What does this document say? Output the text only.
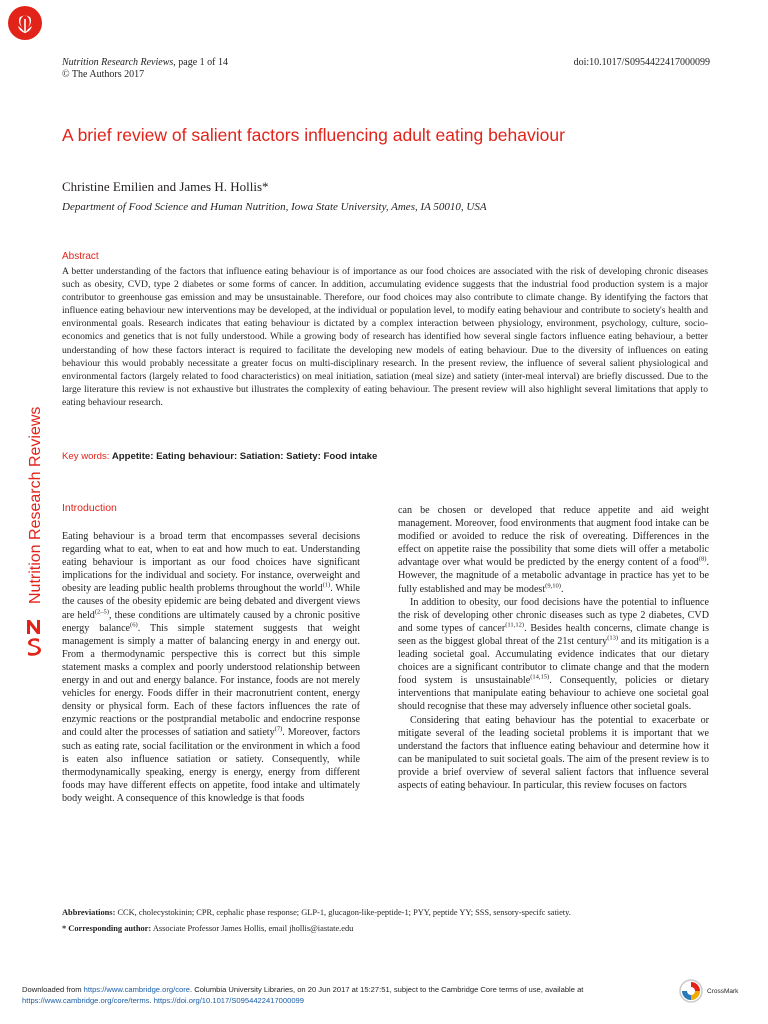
Nutrition Research Reviews, page 1 of 14
© The Authors 2017
doi:10.1017/S0954422417000099
A brief review of salient factors influencing adult eating behaviour
Christine Emilien and James H. Hollis*
Department of Food Science and Human Nutrition, Iowa State University, Ames, IA 50010, USA
Abstract
A better understanding of the factors that influence eating behaviour is of importance as our food choices are associated with the risk of developing chronic diseases such as obesity, CVD, type 2 diabetes or some forms of cancer. In addition, accumulating evidence suggests that the industrial food production system is a major contributor to greenhouse gas emission and may be unsustainable. Therefore, our food choices may also contribute to climate change. By identifying the factors that influence eating behaviour new interventions may be developed, at the individual or population level, to modify eating behaviour and contribute to society's health and environmental goals. Research indicates that eating behaviour is dictated by a complex interaction between physiology, environment, psychology, culture, socio-economics and genetics that is not fully understood. While a growing body of research has identified how several single factors influence eating behaviour, a better understanding of how these factors interact is required to facilitate the developing new models of eating behaviour. Due to the diversity of influences on eating behaviour this would probably necessitate a greater focus on multi-disciplinary research. In the present review, the influence of several salient physiological and environmental factors (largely related to food characteristics) on meal initiation, satiation (meal size) and satiety (inter-meal interval) are briefly discussed. Due to the large literature this review is not exhaustive but illustrates the complexity of eating behaviour. The present review will also highlight several limitations that apply to eating behaviour research.
Key words: Appetite: Eating behaviour: Satiation: Satiety: Food intake
Introduction

Eating behaviour is a broad term that encompasses several decisions regarding what to eat, when to eat and how much to eat. Understanding eating behaviour is important as our food choices have significant implications for the individual and society. For instance, overweight and obesity are leading public health problems throughout the world$^{(1)}$. While the causes of the obesity epidemic are being debated and divergent views are held$^{(2-5)}$, these conditions are ultimately caused by a chronic positive energy balance$^{(6)}$. This simple statement suggests that weight management is simply a matter of balancing energy in and energy out. From a thermodynamic perspective this is correct but this simple statement masks a complex and poorly understood relationship between energy in and out and energy balance. For instance, foods are not merely vehicles for energy. Foods differ in their macronutrient content, energy density or physical form. Each of these factors influences the rate of enzymic reactions or the postprandial metabolic and endocrine response and could alter the processes of satiation and satiety$^{(7)}$. Moreover, factors such as eating rate, social facilitation or the environment in which a food is eaten also influence satiation or satiety. Consequently, while thermodynamically speaking, energy is energy, energy from different foods may have different effects on appetite, food intake and ultimately body weight. A consequence of this knowledge is that foods

can be chosen or developed that reduce appetite and aid weight management. Moreover, food environments that augment food intake can be modified or avoided to reduce the risk of overeating. Differences in the effect on appetite raise the possibility that some diets will offer a metabolic advantage over what would be predicted by the energy content of a food$^{(8)}$. However, the magnitude of a metabolic advantage in practice has yet to be fully established and may be modest$^{(9,10)}$.

In addition to obesity, our food decisions have the potential to influence the risk of developing other chronic diseases such as type 2 diabetes, CVD and some types of cancer$^{(11,12)}$. Besides health concerns, climate change is seen as the biggest global threat of the 21st century$^{(13)}$ and its mitigation is a leading societal goal. Accumulating evidence indicates that our dietary choices are a significant contributor to climate change and that the modern food system is unsustainable$^{(14,15)}$. Consequently, policies or dietary interventions that manipulate eating behaviour to achieve one societal goal should recognise that these may adversely influence other societal goals.

Considering that eating behaviour has the potential to exacerbate or mitigate several of the leading societal problems it is important that we understand the factors that influence eating behaviour and determine how it can be manipulated to suit societal goals. The aim of the present review is to provide a brief overview of several salient factors that influence several aspects of eating behaviour. In particular, this review focuses on factors

Abbreviations: CCK, cholecystokinin; CPR, cephalic phase response; GLP-1, glucagon-like-peptide-1; PYY, peptide YY; SSS, sensory-specifc satiety.

* Corresponding author: Associate Professor James Hollis, email jhollis@iastate.edu

Downloaded from https://www.cambridge.org/core. Columbia University Libraries, on 20 Jun 2017 at 15:27:51, subject to the Cambridge Core terms of use, available at
https://www.cambridge.org/core/terms. https://doi.org/10.1017/S0954422417000099
Nutrition Research Reviews
CrossMark
